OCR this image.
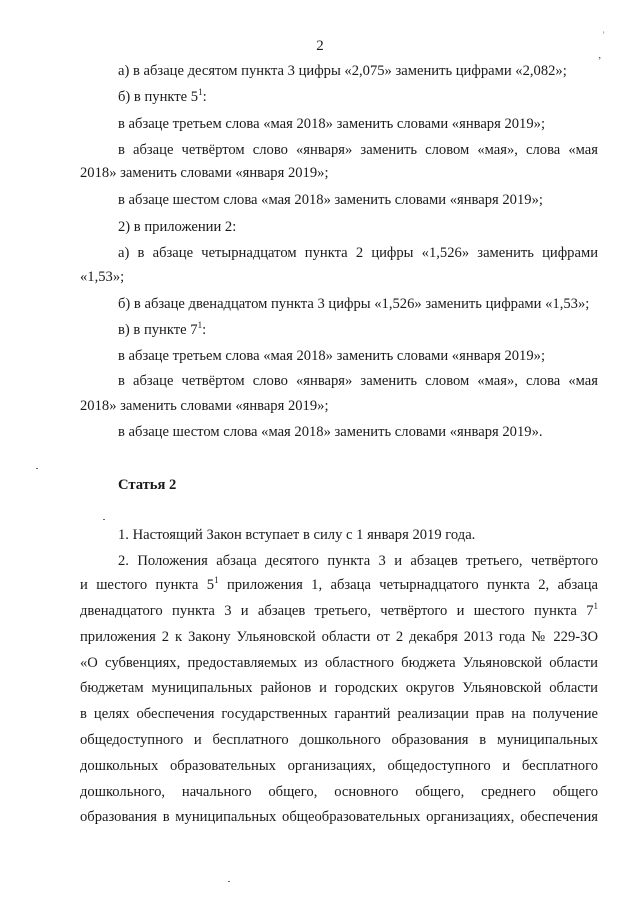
2
ʾ
ʼ
а) в абзаце десятом пункта 3 цифры «2,075» заменить цифрами «2,082»;
б) в пункте $5^1$:
в абзаце третьем слова «мая 2018» заменить словами «января 2019»;
в абзаце четвёртом слово «января» заменить словом «мая», слова «мая
2018» заменить словами «января 2019»;
в абзаце шестом слова «мая 2018» заменить словами «января 2019»;
2) в приложении 2:
а) в абзаце четырнадцатом пункта 2 цифры «1,526» заменить цифрами
«1,53»;
б) в абзаце двенадцатом пункта 3 цифры «1,526» заменить цифрами «1,53»;
в) в пункте $7^1$:
в абзаце третьем слова «мая 2018» заменить словами «января 2019»;
в абзаце четвёртом слово «января» заменить словом «мая», слова «мая
2018» заменить словами «января 2019»;
в абзаце шестом слова «мая 2018» заменить словами «января 2019».
Статья 2
1. Настоящий Закон вступает в силу с 1 января 2019 года.
2. Положения абзаца десятого пункта 3 и абзацев третьего, четвёртого
и шестого пункта $5^1$ приложения 1, абзаца четырнадцатого пункта 2, абзаца
двенадцатого пункта 3 и абзацев третьего, четвёртого и шестого пункта $7^1$
приложения 2 к Закону Ульяновской области от 2 декабря 2013 года № 229-ЗО
«О субвенциях, предоставляемых из областного бюджета Ульяновской области
бюджетам муниципальных районов и городских округов Ульяновской области
в целях обеспечения государственных гарантий реализации прав на получение
общедоступного и бесплатного дошкольного образования в муниципальных
дошкольных образовательных организациях, общедоступного и бесплатного
дошкольного, начального общего, основного общего, среднего общего
образования в муниципальных общеобразовательных организациях, обеспечения
